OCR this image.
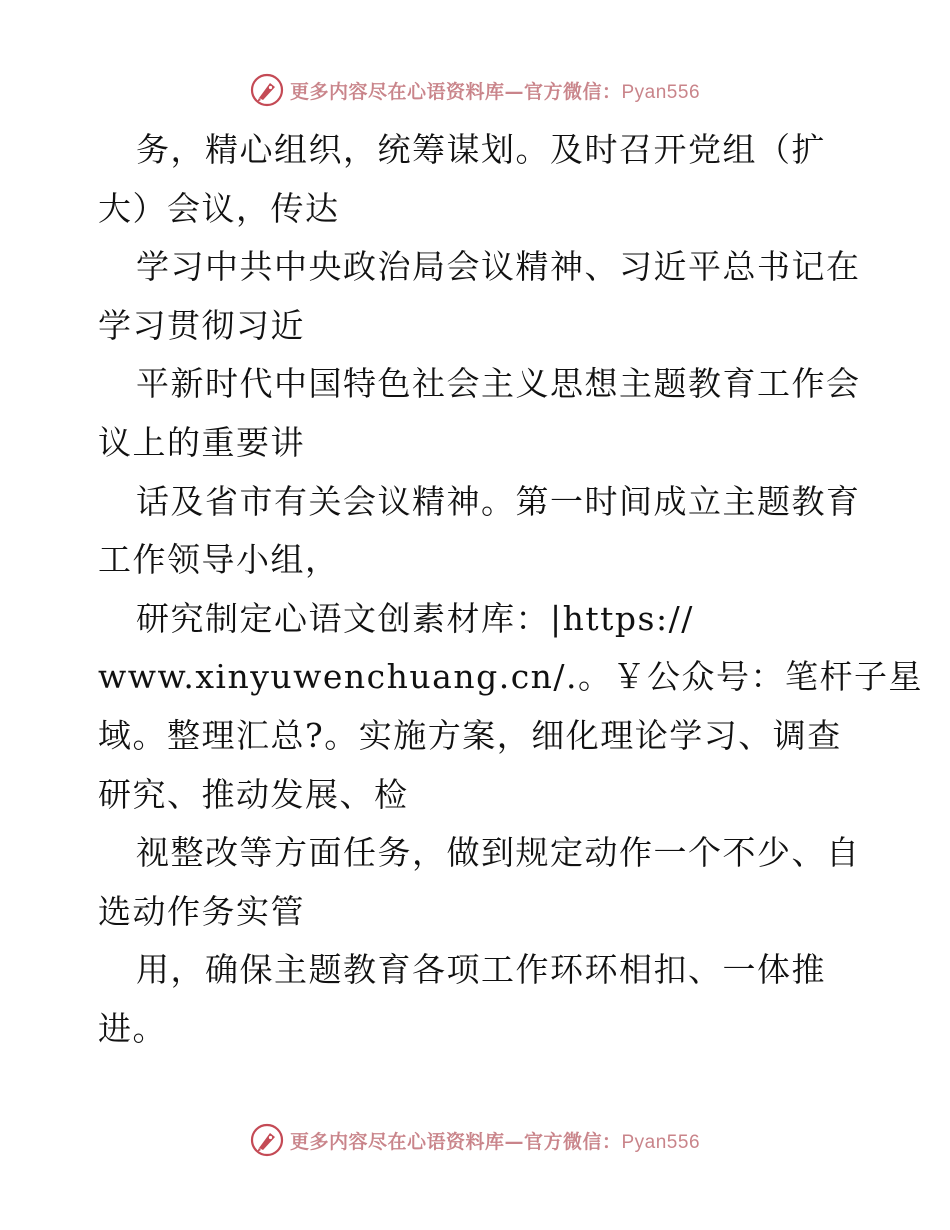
更多内容尽在心语资料库—官方微信：Pyan556
务，精心组织，统筹谋划。及时召开党组（扩
大）会议，传达
学习中共中央政治局会议精神、习近平总书记在
学习贯彻习近
平新时代中国特色社会主义思想主题教育工作会
议上的重要讲
话及省市有关会议精神。第一时间成立主题教育
工作领导小组，
研究制定心语文创素材库：|https://
www.xinyuwenchuang.cn/.。￥公众号：笔杆子星
域。整理汇总?。实施方案，细化理论学习、调查
研究、推动发展、检
视整改等方面任务，做到规定动作一个不少、自
选动作务实管
用，确保主题教育各项工作环环相扣、一体推
进。
更多内容尽在心语资料库—官方微信：Pyan556
